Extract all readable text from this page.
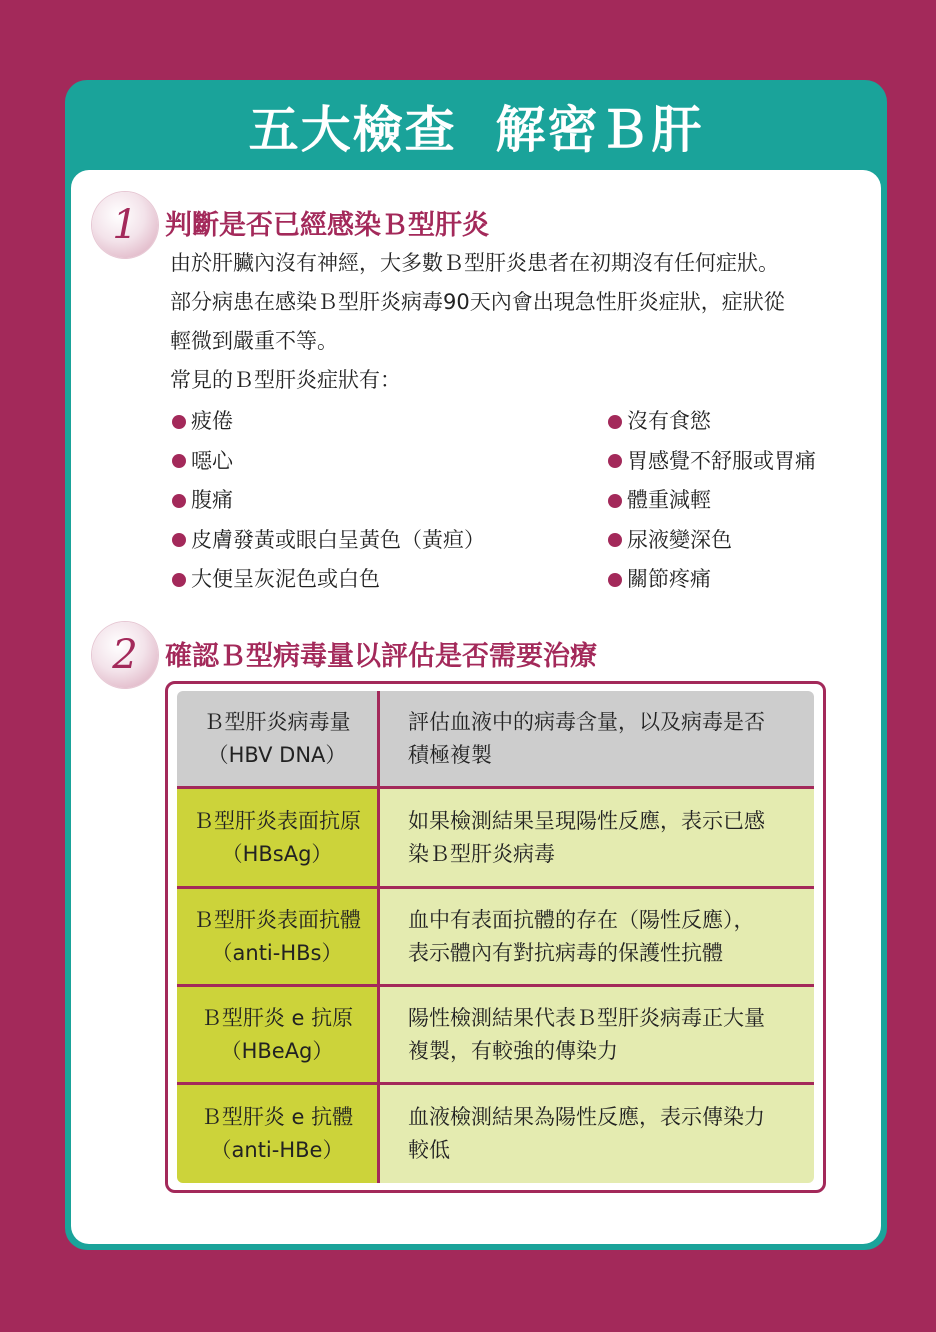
五大檢查  解密Ｂ肝
1	判斷是否已經感染Ｂ型肝炎

由於肝臟內沒有神經，大多數Ｂ型肝炎患者在初期沒有任何症狀。

部分病患在感染Ｂ型肝炎病毒90天內會出現急性肝炎症狀，症狀從

輕微到嚴重不等。

常見的Ｂ型肝炎症狀有：

疲倦
噁心
腹痛
皮膚發黃或眼白呈黃色（黃疸）
大便呈灰泥色或白色
沒有食慾
胃感覺不舒服或胃痛
體重減輕
尿液變深色
關節疼痛
2	確認Ｂ型病毒量以評估是否需要治療
Ｂ型肝炎病毒量
（HBV DNA）
評估血液中的病毒含量，以及病毒是否
積極複製
Ｂ型肝炎表面抗原
（HBsAg）
如果檢測結果呈現陽性反應，表示已感
染Ｂ型肝炎病毒
Ｂ型肝炎表面抗體
（anti-HBs）
血中有表面抗體的存在（陽性反應），
表示體內有對抗病毒的保護性抗體
Ｂ型肝炎 e 抗原
（HBeAg）
陽性檢測結果代表Ｂ型肝炎病毒正大量
複製，有較強的傳染力
Ｂ型肝炎 e 抗體
（anti-HBe）
血液檢測結果為陽性反應，表示傳染力
較低
